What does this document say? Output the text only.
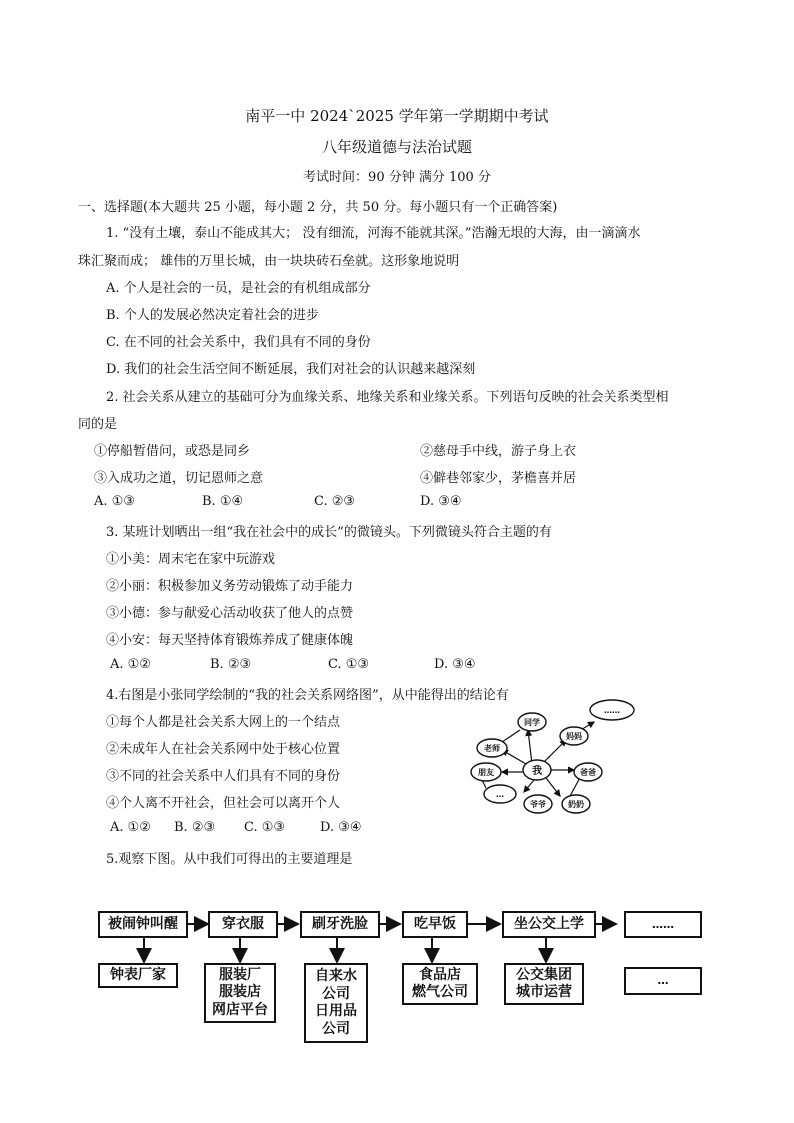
南平一中 2024`2025 学年第一学期期中考试
八年级道德与法治试题
考试时间：90 分钟 满分 100 分
一、选择题(本大题共 25 小题，每小题 2 分，共 50 分。每小题只有一个正确答案)
1. “没有土壤，泰山不能成其大； 没有细流，河海不能就其深。”浩瀚无垠的大海，由一滴滴水
珠汇聚而成； 雄伟的万里长城，由一块块砖石垒就。这形象地说明
A. 个人是社会的一员，是社会的有机组成部分
B. 个人的发展必然决定着社会的进步
C. 在不同的社会关系中，我们具有不同的身份
D. 我们的社会生活空间不断延展，我们对社会的认识越来越深刻
2. 社会关系从建立的基础可分为血缘关系、地缘关系和业缘关系。下列语句反映的社会关系类型相
同的是
①停船暂借问，或恐是同乡	②慈母手中线，游子身上衣
③入成功之道，切记恩师之意	④僻巷邻家少，茅檐喜并居
A. ①③	B. ①④	C. ②③	D. ③④
3. 某班计划晒出一组“我在社会中的成长”的微镜头。下列微镜头符合主题的有
①小美：周末宅在家中玩游戏
②小丽：积极参加义务劳动锻炼了动手能力
③小德：参与献爱心活动收获了他人的点赞
④小安：每天坚持体育锻炼养成了健康体魄
A. ①②	B. ②③	C. ①③	D. ③④
4.右图是小张同学绘制的“我的社会关系网络图”，从中能得出的结论有
①每个人都是社会关系大网上的一个结点
②未成年人在社会关系网中处于核心位置
③不同的社会关系中人们具有不同的身份
④个人离不开社会，但社会可以离开个人
A. ①② B. ②③ C. ①③	D. ③④
……
同学
妈妈
老师
我	爸爸
朋友
…
爷爷	奶奶
5.观察下图。从中我们可得出的主要道理是
被闹钟叫醒	穿衣服	刷牙洗脸	吃早饭	坐公交上学	……
钟表厂家	服装厂
服装店
网店平台
自来水
公司
日用品
公司
食品店
燃气公司
公交集团
城市运营
…
